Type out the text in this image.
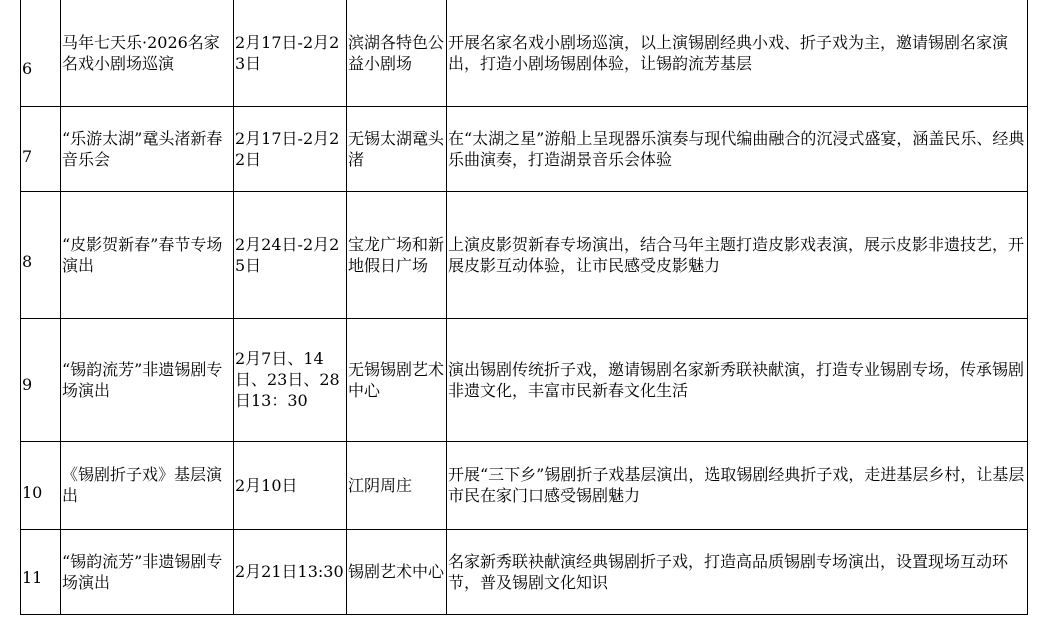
6	马年七天乐·2026名家名戏小剧场巡演	2月17日-2月23日	滨湖各特色公益小剧场	开展名家名戏小剧场巡演，以上演锡剧经典小戏、折子戏为主，邀请锡剧名家演出，打造小剧场锡剧体验，让锡韵流芳基层
7	“乐游太湖”鼋头渚新春音乐会	2月17日-2月22日	无锡太湖鼋头渚	在“太湖之星”游船上呈现器乐演奏与现代编曲融合的沉浸式盛宴，涵盖民乐、经典乐曲演奏，打造湖景音乐会体验
8	“皮影贺新春”春节专场演出	2月24日-2月25日	宝龙广场和新地假日广场	上演皮影贺新春专场演出，结合马年主题打造皮影戏表演，展示皮影非遗技艺，开展皮影互动体验，让市民感受皮影魅力
9	“锡韵流芳”非遗锡剧专场演出	2月7日、14日、23日、28日13：30	无锡锡剧艺术中心	演出锡剧传统折子戏，邀请锡剧名家新秀联袂献演，打造专业锡剧专场，传承锡剧非遗文化，丰富市民新春文化生活
10	《锡剧折子戏》基层演出	2月10日	江阴周庄	开展“三下乡”锡剧折子戏基层演出，选取锡剧经典折子戏，走进基层乡村，让基层市民在家门口感受锡剧魅力
11	“锡韵流芳”非遗锡剧专场演出	2月21日13:30	锡剧艺术中心	名家新秀联袂献演经典锡剧折子戏，打造高品质锡剧专场演出，设置现场互动环节，普及锡剧文化知识
